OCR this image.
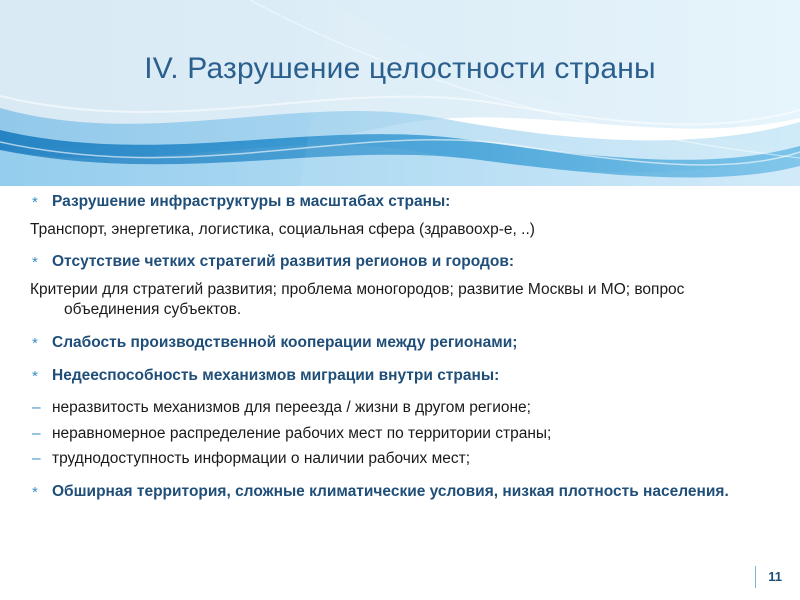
IV. Разрушение целостности страны
* Разрушение инфраструктуры в масштабах страны:
Транспорт, энергетика, логистика, социальная сфера (здравоохр-е, ..)
* Отсутствие четких стратегий развития регионов и городов:
Критерии для стратегий развития; проблема моногородов; развитие Москвы и МО; вопрос объединения субъектов.
* Слабость производственной кооперации между регионами;
* Недееспособность механизмов миграции внутри страны:
– неразвитость механизмов для переезда / жизни в другом регионе;
– неравномерное распределение рабочих мест по территории страны;
– труднодоступность информации о наличии рабочих мест;
* Обширная территория, сложные климатические условия, низкая плотность населения.
11
